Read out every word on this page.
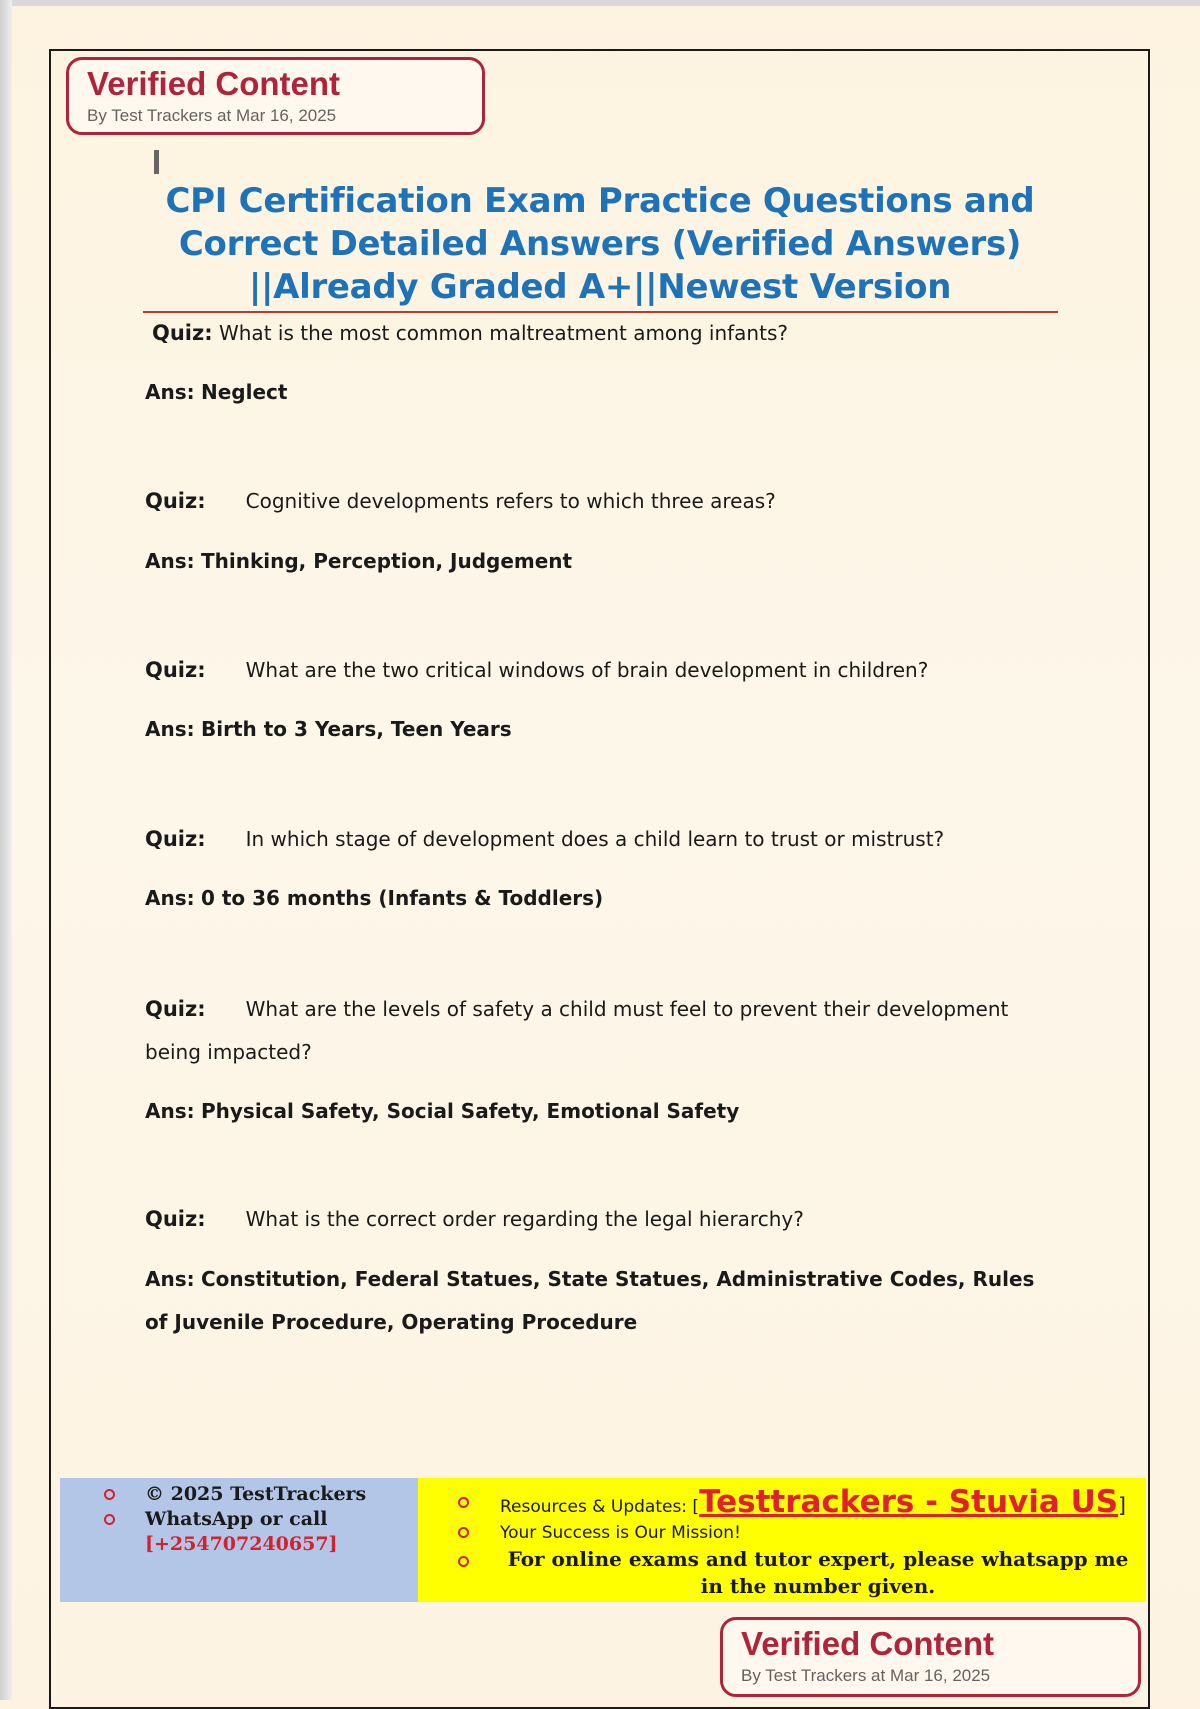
Verified Content
By Test Trackers at Mar 16, 2025
CPI Certification Exam Practice Questions and
Correct Detailed Answers (Verified Answers)
||Already Graded A+||Newest Version
Quiz: What is the most common maltreatment among infants?
Ans: Neglect
Quiz: Cognitive developments refers to which three areas?
Ans: Thinking, Perception, Judgement
Quiz: What are the two critical windows of brain development in children?
Ans: Birth to 3 Years, Teen Years
Quiz: In which stage of development does a child learn to trust or mistrust?
Ans: 0 to 36 months (Infants & Toddlers)
Quiz: What are the levels of safety a child must feel to prevent their development being impacted?
Ans: Physical Safety, Social Safety, Emotional Safety
Quiz: What is the correct order regarding the legal hierarchy?
Ans: Constitution, Federal Statues, State Statues, Administrative Codes, Rules of Juvenile Procedure, Operating Procedure
© 2025 TestTrackers
WhatsApp or call
[+254707240657]
Resources & Updates: [Testtrackers - Stuvia US]
Your Success is Our Mission!
For online exams and tutor expert, please whatsapp me in the number given.
Verified Content
By Test Trackers at Mar 16, 2025
